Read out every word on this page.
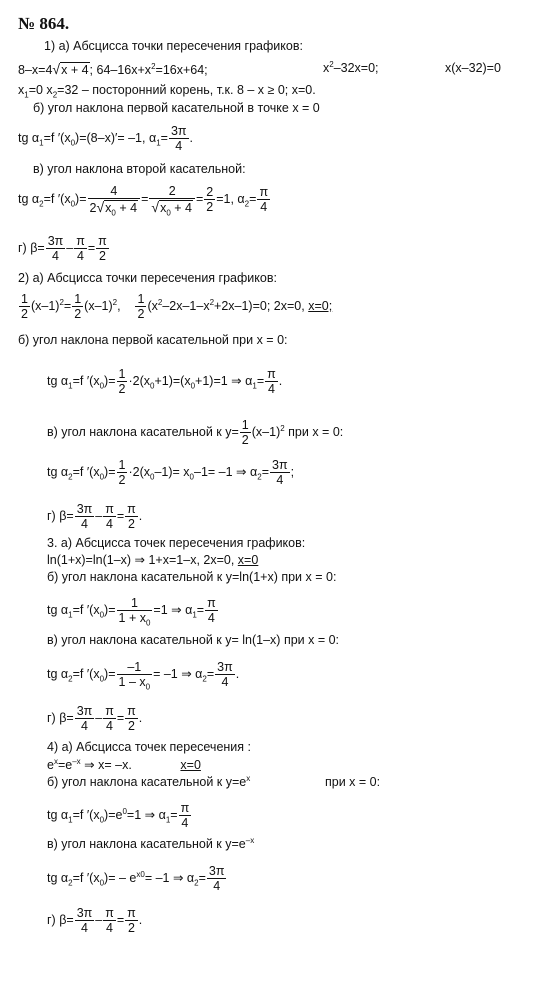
№ 864.
1) а) Абсцисса точки пересечения графиков:
8–x=4√x + 4; $64-16x+x^2=16x+64$;	$x^2-32x=0$;	x(x–32)=0
$x_1=0$ $x_2=32$ – посторонний корень, т.к. 8 – x ≥ 0; x=0.
б) угол наклона первой касательной в точке x = 0
tg $\alpha_1=f$ $'(x_0)=(8-x)'= -1$, $\alpha_1= \frac{3\pi}{4}$ .
в) угол наклона второй касательной:
tg $\alpha_2=f$ $'(x_0)= \frac{4}{2√x_0 + 4} = \frac{2}{√x_0 + 4} = \frac{2}{2} =1$, $\alpha_2= \frac{\pi}{4}$
г) $\beta= \frac{3\pi}{4} - \frac{\pi}{4} = \frac{\pi}{2}$
2) а) Абсцисса точки пересечения графиков:
$\frac{1}{2} (x-1)^2= \frac{1}{2} (x-1)^2$, $\frac{1}{2} (x^2-2x-1-x^2+2x-1)=0$; 2x=0, x=0;
б) угол наклона первой касательной при x = 0:
tg $\alpha_1=f$ $'(x_0)= \frac{1}{2} \cdot 2(x_0+1)=(x_0+1)=1$ ⇒ $\alpha_1= \frac{\pi}{4}$ .
в) угол наклона касательной к $y= \frac{1}{2} (x-1)^2$ при x = 0:
tg $\alpha_2=f$ $'(x_0)= \frac{1}{2} \cdot 2(x_0-1)= x_0-1= -1$ ⇒ $\alpha_2= \frac{3\pi}{4}$ ;
г) $\beta= \frac{3\pi}{4} - \frac{\pi}{4} = \frac{\pi}{2}$ .
3. а) Абсцисса точек пересечения графиков:
ln(1+x)=ln(1–x) ⇒ 1+x=1–x, 2x=0, x=0
б) угол наклона касательной к y=ln(1+x) при x = 0:
tg $\alpha_1=f$ $'(x_0)= \frac{1}{1 + x_0} =1$ ⇒ $\alpha_1= \frac{\pi}{4}$
в) угол наклона касательной к y= ln(1–x) при x = 0:
tg $\alpha_2=f$ $'(x_0)= \frac{-1}{1 - x_0} = -1$ ⇒ $\alpha_2= \frac{3\pi}{4}$ .
г) $\beta= \frac{3\pi}{4} - \frac{\pi}{4} = \frac{\pi}{2}$ .
4) а) Абсцисса точек пересечения :
$e^x=e^{-x}$ ⇒ x= –x.	x=0
б) угол наклона касательной к $y=e^x$	при x = 0:
tg $\alpha_1=f$ $'(x_0)=e^0=1$ ⇒ $\alpha_1= \frac{\pi}{4}$
в) угол наклона касательной к $y=e^{-x}$
tg $\alpha_2=f$ $'(x_0)= - e^{x0}= -1$ ⇒ $\alpha_2= \frac{3\pi}{4}$
г) $\beta= \frac{3\pi}{4} - \frac{\pi}{4} = \frac{\pi}{2}$ .
